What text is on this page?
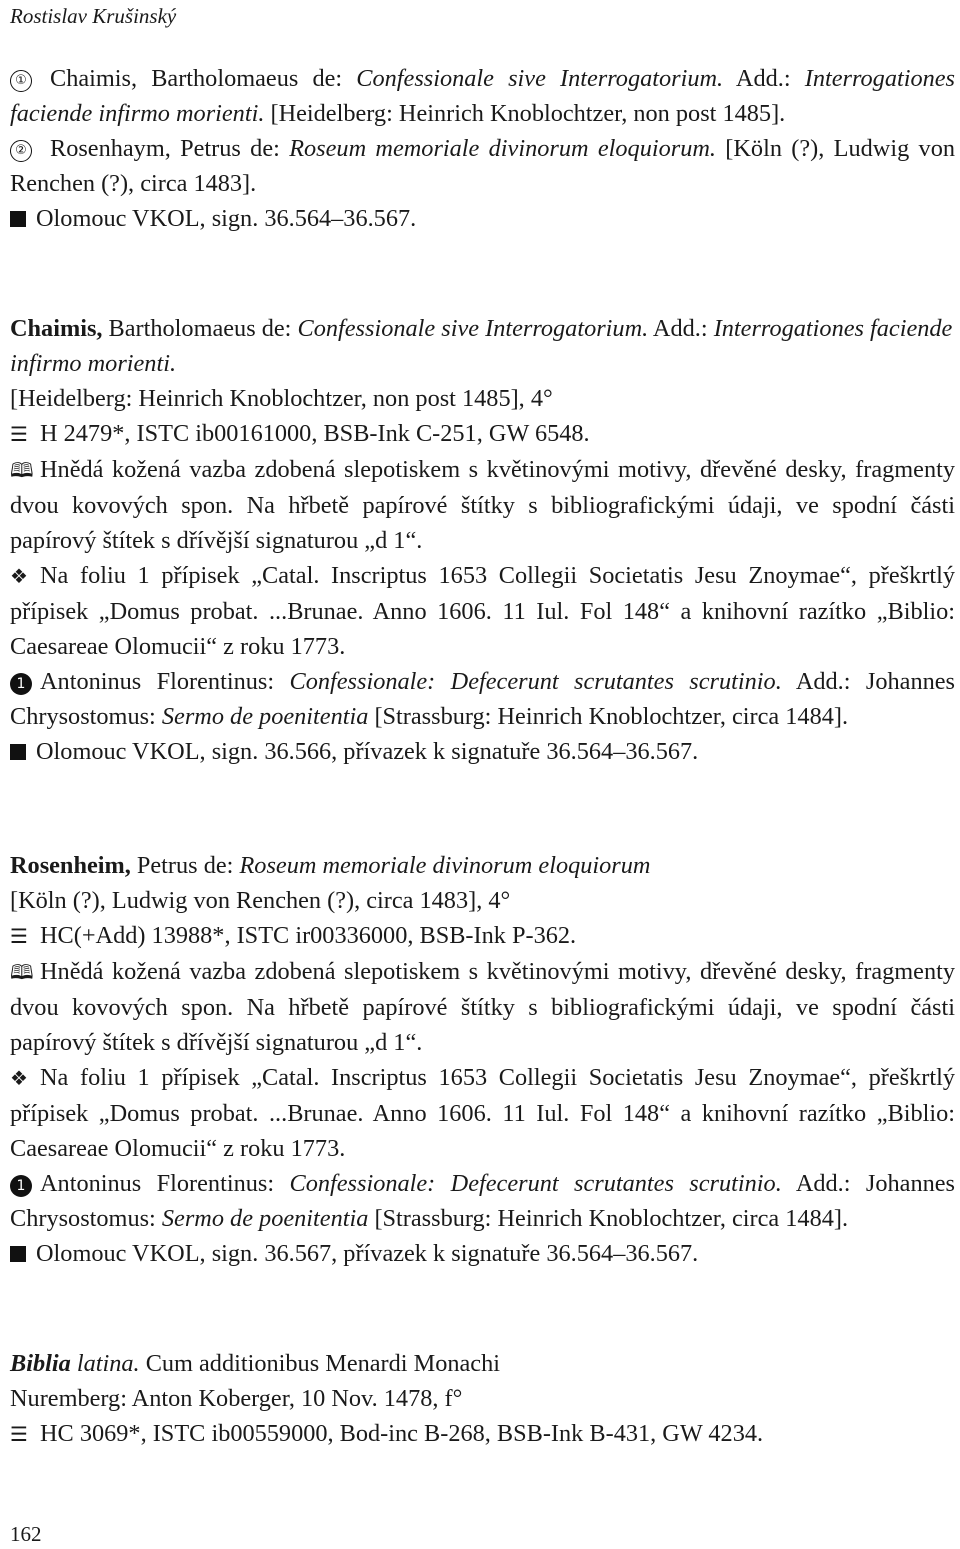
Rostislav Krušinský

① Chaimis, Bartholomaeus de: Confessionale sive Interrogatorium. Add.: Interrogationes faciende infirmo morienti. [Heidelberg: Heinrich Knoblochtzer, non post 1485].

② Rosenhaym, Petrus de: Roseum memoriale divinorum eloquiorum. [Köln (?), Ludwig von Renchen (?), circa 1483].

Olomouc VKOL, sign. 36.564–36.567.

Chaimis, Bartholomaeus de: Confessionale sive Interrogatorium. Add.: Interrogationes faciende infirmo morienti.

[Heidelberg: Heinrich Knoblochtzer, non post 1485], 4°

☰ H 2479*, ISTC ib00161000, BSB-Ink C-251, GW 6548.

🕮 Hnědá kožená vazba zdobená slepotiskem s květinovými motivy, dřevěné desky, fragmenty dvou kovových spon. Na hřbetě papírové štítky s bibliografickými údaji, ve spodní části papírový štítek s dřívější signaturou „d 1“.

❖ Na foliu 1 přípisek „Catal. Inscriptus 1653 Collegii Societatis Jesu Znoymae“, přeškrtlý přípisek „Domus probat. ...Brunae. Anno 1606. 11 Iul. Fol 148“ a knihovní razítko „Biblio: Caesareae Olomucii“ z roku 1773.

1 Antoninus Florentinus: Confessionale: Defecerunt scrutantes scrutinio. Add.: Johannes Chrysostomus: Sermo de poenitentia [Strassburg: Heinrich Knoblochtzer, circa 1484].

Olomouc VKOL, sign. 36.566, přívazek k signatuře 36.564–36.567.

Rosenheim, Petrus de: Roseum memoriale divinorum eloquiorum

[Köln (?), Ludwig von Renchen (?), circa 1483], 4°

☰ HC(+Add) 13988*, ISTC ir00336000, BSB-Ink P-362.

🕮 Hnědá kožená vazba zdobená slepotiskem s květinovými motivy, dřevěné desky, fragmenty dvou kovových spon. Na hřbetě papírové štítky s bibliografickými údaji, ve spodní části papírový štítek s dřívější signaturou „d 1“.

❖ Na foliu 1 přípisek „Catal. Inscriptus 1653 Collegii Societatis Jesu Znoymae“, přeškrtlý přípisek „Domus probat. ...Brunae. Anno 1606. 11 Iul. Fol 148“ a knihovní razítko „Biblio: Caesareae Olomucii“ z roku 1773.

1 Antoninus Florentinus: Confessionale: Defecerunt scrutantes scrutinio. Add.: Johannes Chrysostomus: Sermo de poenitentia [Strassburg: Heinrich Knoblochtzer, circa 1484].

Olomouc VKOL, sign. 36.567, přívazek k signatuře 36.564–36.567.

Biblia latina. Cum additionibus Menardi Monachi

Nuremberg: Anton Koberger, 10 Nov. 1478, f°

☰ HC 3069*, ISTC ib00559000, Bod-inc B-268, BSB-Ink B-431, GW 4234.

162
